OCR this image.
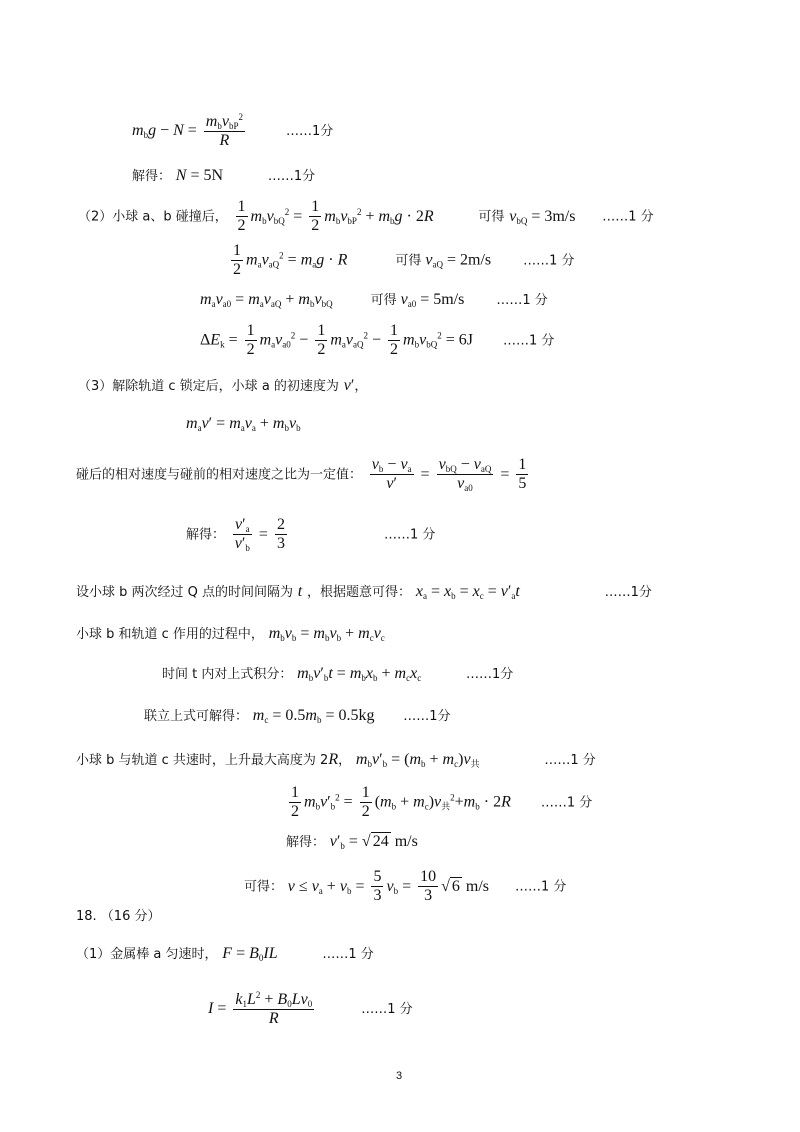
$m_bg - N$ =
$m_bv_{bP}^2$
R
……1分
解得： N = 5N	……1分
（2）小球 a、b 碰撞后， $\frac{1}{2} m_bv_{bQ}^2 = \frac{1}{2} m_bv_{bP}^2 + m_bg \cdot 2R$	可得 $v_{bQ} = 3m/s$ ……1 分
$\frac{1}{2} m_av_{aQ}^2 = m_ag \cdot R$	可得 $v_{aQ} = 2m/s$ ……1 分
$m_av_{a0} = m_av_{aQ} + m_bv_{bQ}$	可得 $v_{a0} = 5m/s$ ……1 分
$\Delta E_k = \frac{1}{2} m_av_{a0}^2 - \frac{1}{2} m_av_{aQ}^2 - \frac{1}{2} m_bv_{bQ}^2 = 6J$ ……1 分
（3）解除轨道 c 锁定后，小球 a 的初速度为 v′，
$m_av' = m_av_a + m_bv_b$
碰后的相对速度与碰前的相对速度之比为一定值： $\frac{v_b - v_a}{v'}$ =
$v_{bQ} - v_{aQ}$
$v_{a0}$
= $\frac{1}{5}$
解得： $\frac{v'_a}{v'_b} = \frac{2}{3}$	……1 分
设小球 b 两次经过 Q 点的时间间隔为 t ，根据题意可得： $x_a = x_b = x_c = v'_at$	……1分
小球 b 和轨道 c 作用的过程中， $m_bv_b = m_bv_b + m_cv_c$
时间 t 内对上式积分： $m_bv'_bt = m_bx_b + m_cx_c$	……1分
联立上式可解得： $m_c = 0.5m_b = 0.5kg$ ……1分
小球 b 与轨道 c 共速时，上升最大高度为 2R， $m_bv'_b = (m_b + m_c)v_共$	……1 分
$\frac{1}{2} m_bv'_b^2 = \frac{1}{2} (m_b + m_c)v_共^2+m_b \cdot 2R$ ……1 分
解得： $v'_b$ = √ 24 m/s
可得： $v \le v_a + v_b = \frac{5}{3} v_b = \frac{10}{3}$ √ 6 m/s ……1 分
18. （16 分）
（1）金属棒 a 匀速时， $F = B_0IL$	……1 分
$I = \frac{k_1L^2 + B_0Lv_0}{R}$	……1 分
3
